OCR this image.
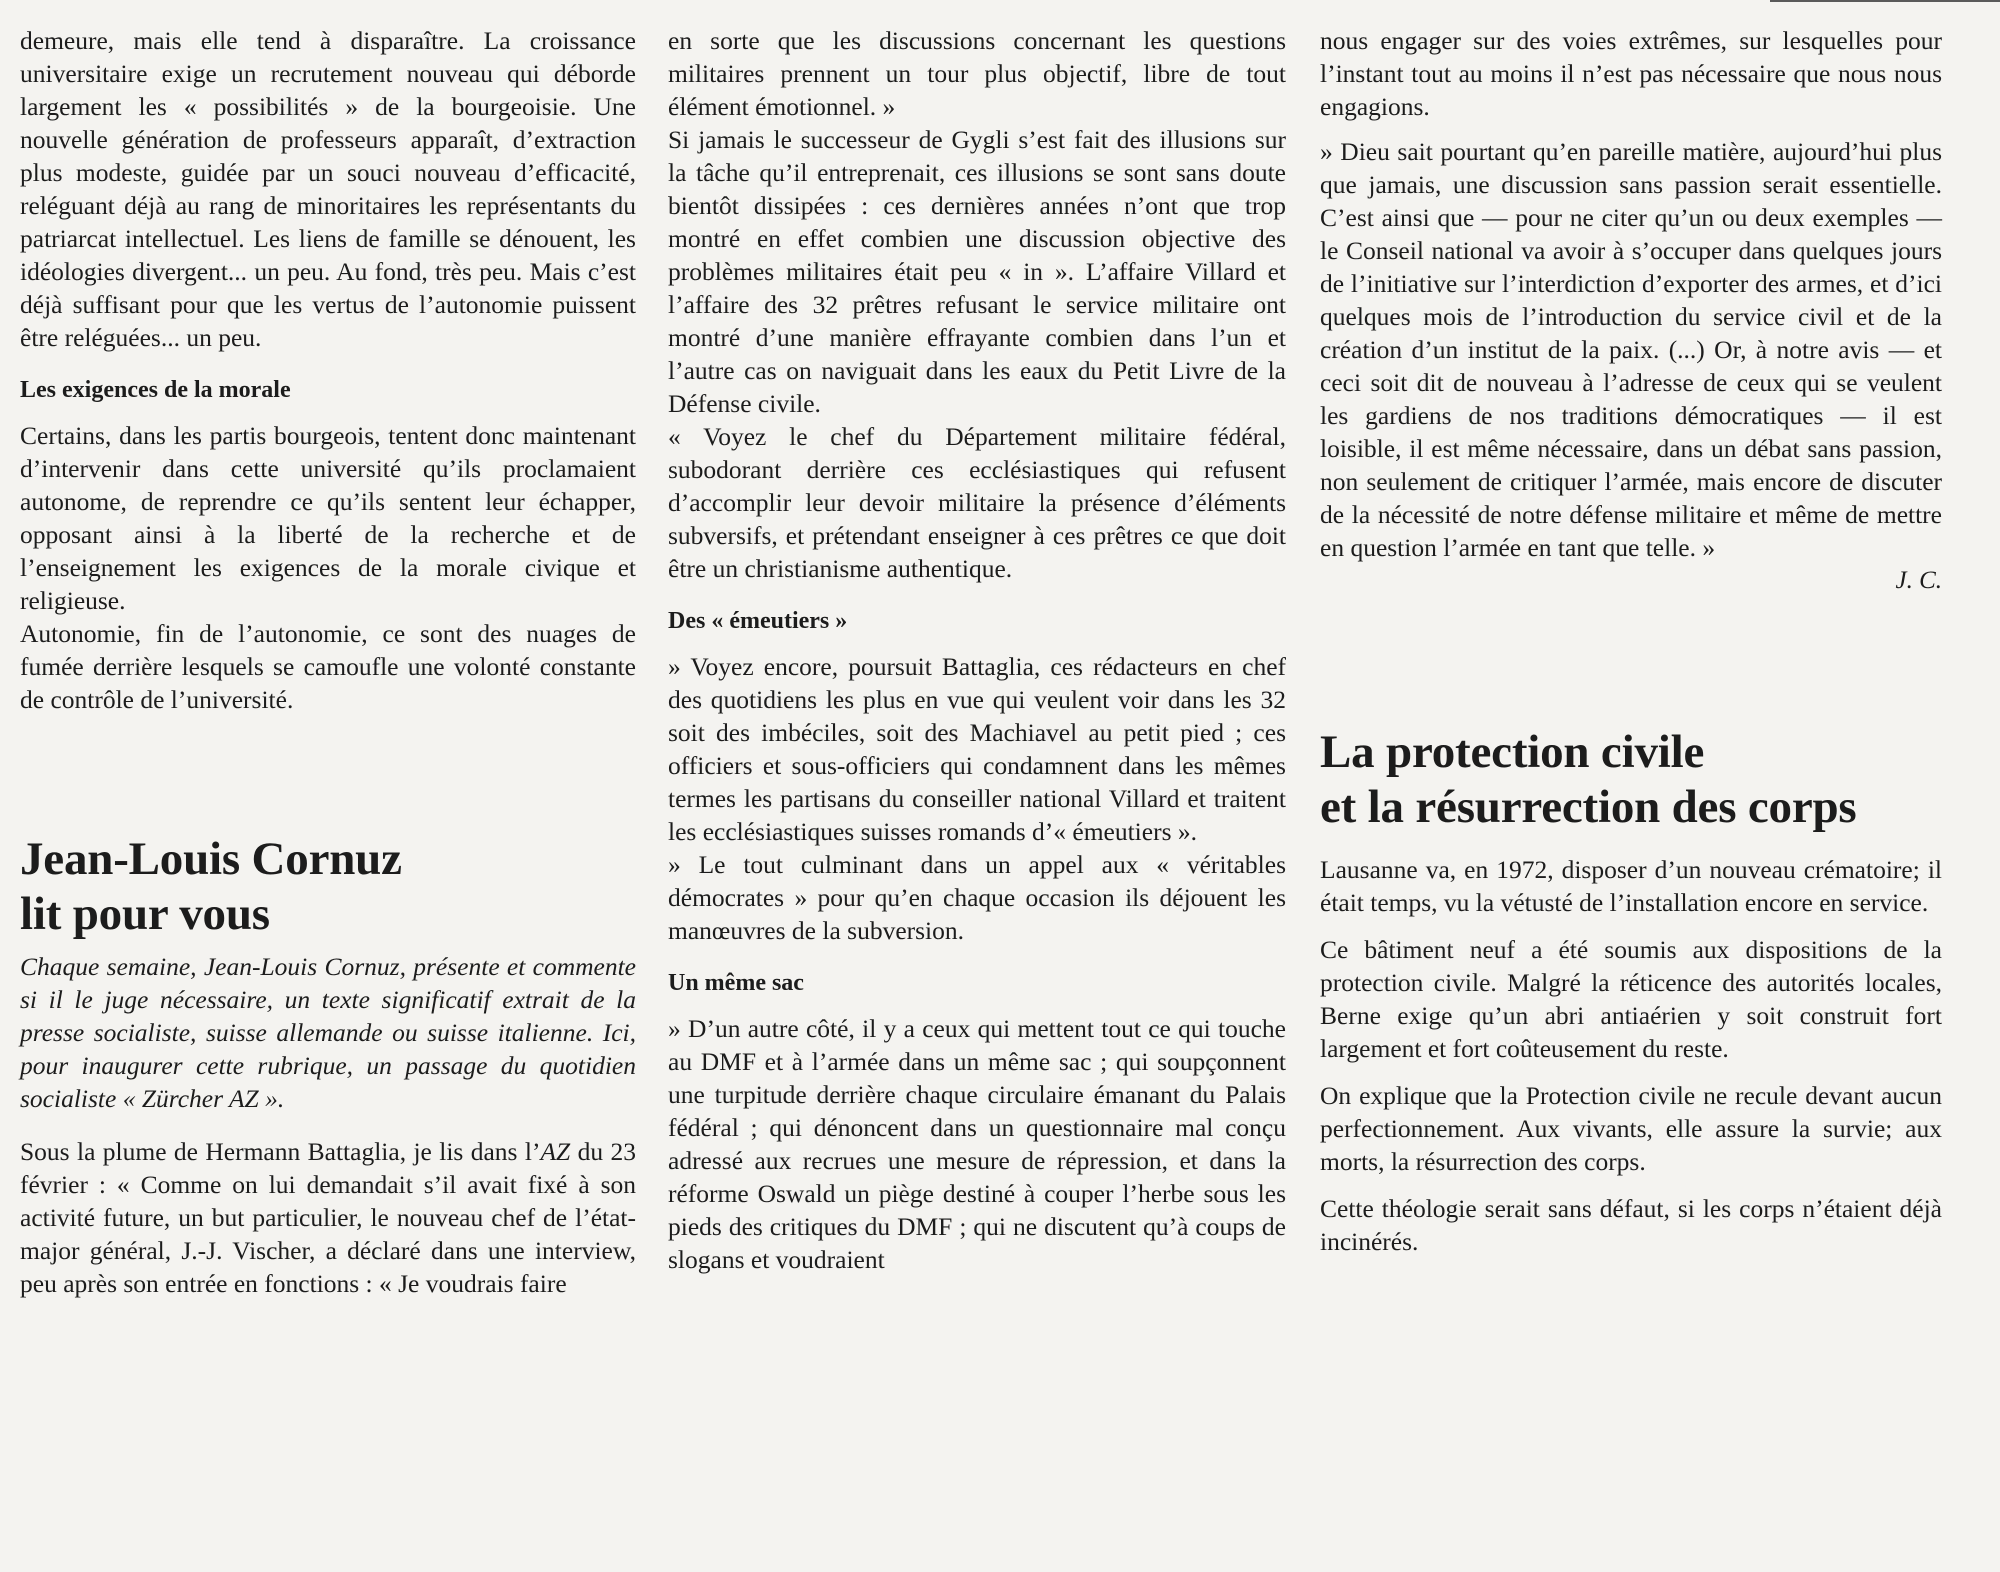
demeure, mais elle tend à disparaître. La croissance universitaire exige un recrutement nouveau qui déborde largement les « possibilités » de la bourgeoisie. Une nouvelle génération de professeurs apparaît, d’extraction plus modeste, guidée par un souci nouveau d’efficacité, reléguant déjà au rang de minoritaires les représentants du patriarcat intellectuel. Les liens de famille se dénouent, les idéologies divergent... un peu. Au fond, très peu. Mais c’est déjà suffisant pour que les vertus de l’autonomie puissent être reléguées... un peu.

Les exigences de la morale

Certains, dans les partis bourgeois, tentent donc maintenant d’intervenir dans cette université qu’ils proclamaient autonome, de reprendre ce qu’ils sentent leur échapper, opposant ainsi à la liberté de la recherche et de l’enseignement les exigences de la morale civique et religieuse.

Autonomie, fin de l’autonomie, ce sont des nuages de fumée derrière lesquels se camoufle une volonté constante de contrôle de l’université.

Jean-Louis Cornuz
lit pour vous

Chaque semaine, Jean-Louis Cornuz, présente et commente si il le juge nécessaire, un texte significatif extrait de la presse socialiste, suisse allemande ou suisse italienne. Ici, pour inaugurer cette rubrique, un passage du quotidien socialiste « Zürcher AZ ».

Sous la plume de Hermann Battaglia, je lis dans l’AZ du 23 février : « Comme on lui demandait s’il avait fixé à son activité future, un but particulier, le nouveau chef de l’état-major général, J.-J. Vischer, a déclaré dans une interview, peu après son entrée en fonctions : « Je voudrais faire

en sorte que les discussions concernant les questions militaires prennent un tour plus objectif, libre de tout élément émotionnel. »

Si jamais le successeur de Gygli s’est fait des illusions sur la tâche qu’il entreprenait, ces illusions se sont sans doute bientôt dissipées : ces dernières années n’ont que trop montré en effet combien une discussion objective des problèmes militaires était peu « in ». L’affaire Villard et l’affaire des 32 prêtres refusant le service militaire ont montré d’une manière effrayante combien dans l’un et l’autre cas on naviguait dans les eaux du Petit Livre de la Défense civile.

« Voyez le chef du Département militaire fédéral, subodorant derrière ces ecclésiastiques qui refusent d’accomplir leur devoir militaire la présence d’éléments subversifs, et prétendant enseigner à ces prêtres ce que doit être un christianisme authentique.

Des « émeutiers »

» Voyez encore, poursuit Battaglia, ces rédacteurs en chef des quotidiens les plus en vue qui veulent voir dans les 32 soit des imbéciles, soit des Machiavel au petit pied ; ces officiers et sous-officiers qui condamnent dans les mêmes termes les partisans du conseiller national Villard et traitent les ecclésiastiques suisses romands d’« émeutiers ».

» Le tout culminant dans un appel aux « véritables démocrates » pour qu’en chaque occasion ils déjouent les manœuvres de la subversion.

Un même sac

» D’un autre côté, il y a ceux qui mettent tout ce qui touche au DMF et à l’armée dans un même sac ; qui soupçonnent une turpitude derrière chaque circulaire émanant du Palais fédéral ; qui dénoncent dans un questionnaire mal conçu adressé aux recrues une mesure de répression, et dans la réforme Oswald un piège destiné à couper l’herbe sous les pieds des critiques du DMF ; qui ne discutent qu’à coups de slogans et voudraient

nous engager sur des voies extrêmes, sur lesquelles pour l’instant tout au moins il n’est pas nécessaire que nous nous engagions.

» Dieu sait pourtant qu’en pareille matière, aujourd’hui plus que jamais, une discussion sans passion serait essentielle. C’est ainsi que — pour ne citer qu’un ou deux exemples — le Conseil national va avoir à s’occuper dans quelques jours de l’initiative sur l’interdiction d’exporter des armes, et d’ici quelques mois de l’introduction du service civil et de la création d’un institut de la paix. (...) Or, à notre avis — et ceci soit dit de nouveau à l’adresse de ceux qui se veulent les gardiens de nos traditions démocratiques — il est loisible, il est même nécessaire, dans un débat sans passion, non seulement de critiquer l’armée, mais encore de discuter de la nécessité de notre défense militaire et même de mettre en question l’armée en tant que telle. »

J. C.

La protection civile
et la résurrection des corps

Lausanne va, en 1972, disposer d’un nouveau crématoire; il était temps, vu la vétusté de l’installation encore en service.

Ce bâtiment neuf a été soumis aux dispositions de la protection civile. Malgré la réticence des autorités locales, Berne exige qu’un abri antiaérien y soit construit fort largement et fort coûteusement du reste.

On explique que la Protection civile ne recule devant aucun perfectionnement. Aux vivants, elle assure la survie; aux morts, la résurrection des corps.

Cette théologie serait sans défaut, si les corps n’étaient déjà incinérés.
